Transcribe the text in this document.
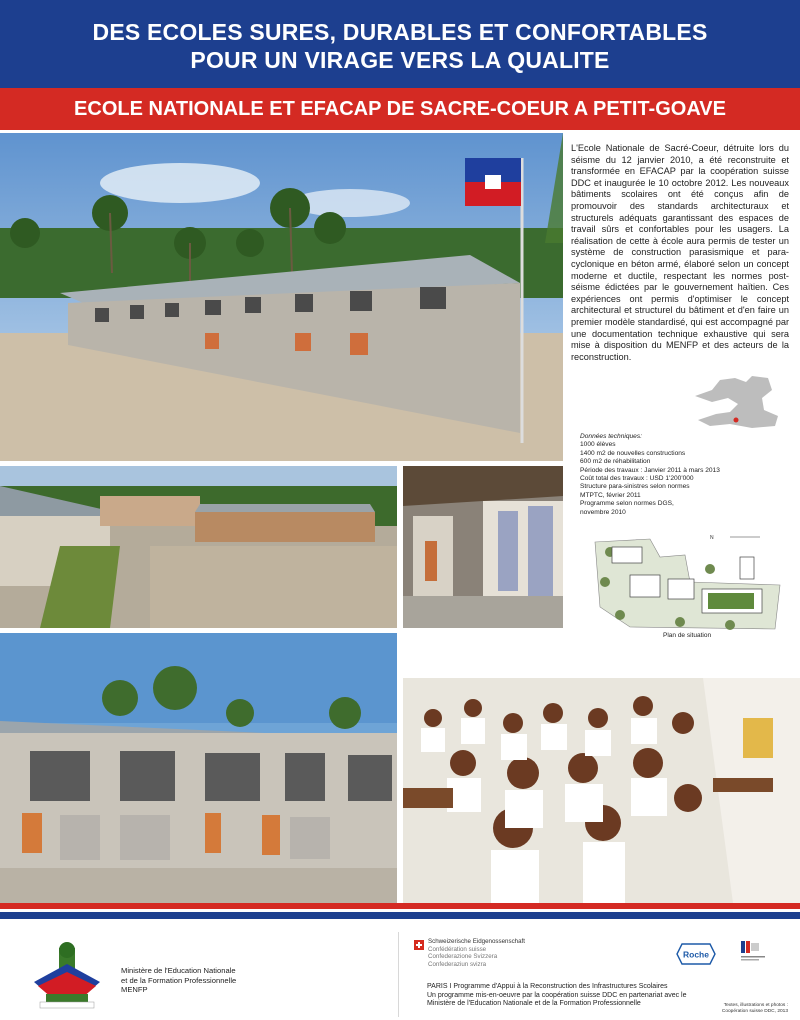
DES ECOLES SURES, DURABLES ET CONFORTABLES
POUR UN VIRAGE VERS LA QUALITE
ECOLE NATIONALE ET EFACAP DE SACRE-COEUR A PETIT-GOAVE
L'Ecole Nationale de Sacré-Coeur, détruite lors du séisme du 12 janvier 2010, a été reconstruite et transformée en EFACAP par la coopération suisse DDC et inaugurée le 10 octobre 2012. Les nouveaux bâtiments scolaires ont été conçus afin de promouvoir des standards architecturaux et structurels adéquats garantissant des espaces de travail sûrs et confortables pour les usagers. La réalisation de cette à école aura permis de tester un système de construction parasismique et para-cyclonique en béton armé, élaboré selon un concept moderne et ductile, respectant les normes post-séisme édictées par le gouvernement haïtien. Ces expériences ont permis d'optimiser le concept architectural et structurel du bâtiment et d'en faire un premier modèle standardisé, qui est accompagné par une documentation technique exhaustive qui sera mise à disposition du MENFP et des acteurs de la reconstruction.
Données techniques:
1000 élèves
1400 m2 de nouvelles constructions
600 m2 de réhabilitation
Période des travaux : Janvier 2011 à mars 2013
Coût total des travaux : USD 1'200'000
Structure para-sinistres selon normes
MTPTC, février 2011
Programme selon normes DGS,
novembre 2010
N
Plan de situation
Ministère de l'Education Nationale
et de la Formation Professionnelle
MENFP
Schweizerische Eidgenossenschaft
Confédération suisse
Confederazione Svizzera
Confederaziun svizra
PARIS I Programme d'Appui à la Reconstruction des Infrastructures Scolaires
Un programme mis-en-oeuvre par la coopération suisse DDC en partenariat avec le
Ministère de l'Education Nationale et de la Formation Professionnelle
Roche
Textes, illustrations et photos :
Coopération suisse DDC, 2013
